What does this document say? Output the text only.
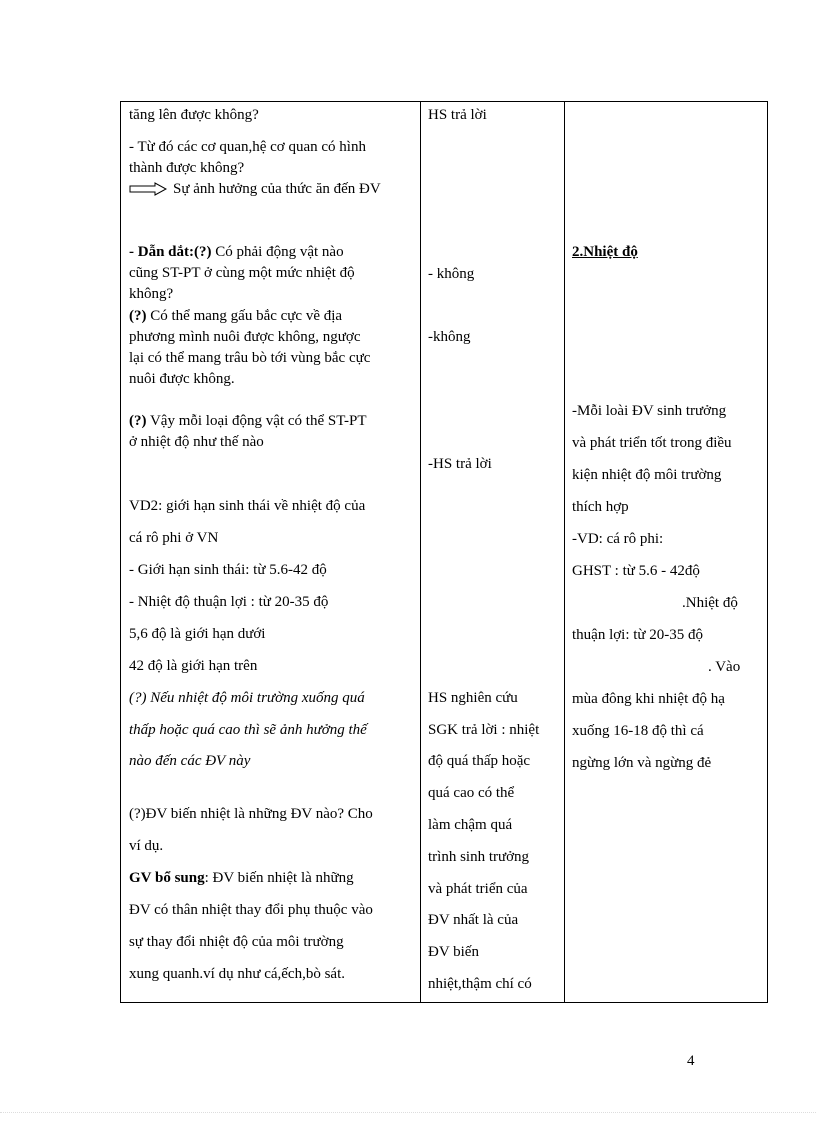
tăng lên được không?
- Từ đó các cơ quan,hệ cơ quan có hình
thành được không?
Sự ảnh hưởng của thức ăn đến ĐV
- Dẫn dắt:(?) Có phải động vật nào
cũng ST-PT ở cùng một mức nhiệt độ
không?
(?) Có thể mang gấu bắc cực về địa
phương mình nuôi được không, ngược
lại có thể mang trâu bò tới vùng bắc cực
nuôi được không.
(?) Vậy mỗi loại động vật có thể ST-PT
ở nhiệt độ như thế nào
VD2: giới hạn sinh thái về nhiệt độ của
cá rô phi ở VN
- Giới hạn sinh thái: từ 5.6-42 độ
- Nhiệt độ thuận lợi : từ 20-35 độ
5,6 độ là giới hạn dưới
42 độ là giới hạn trên
(?) Nếu nhiệt độ môi trường xuống quá
thấp hoặc quá cao thì sẽ ảnh hưởng thế
nào đến các ĐV này
(?)ĐV biến nhiệt là những ĐV nào? Cho
ví dụ.
GV bổ sung: ĐV biến nhiệt là những
ĐV có thân nhiệt thay đổi phụ thuộc vào
sự thay đổi nhiệt độ của môi trường
xung quanh.ví dụ như cá,ếch,bò sát.
HS trả lời
- không
-không
-HS trả lời
HS nghiên cứu
SGK trả lời : nhiệt
độ quá thấp hoặc
quá cao có thể
làm chậm quá
trình sinh trưởng
và phát triển của
ĐV nhất là của
ĐV biến
nhiệt,thậm chí có
2.Nhiệt độ
-Mỗi loài ĐV sinh trưởng
và phát triển tốt trong điều
kiện nhiệt độ môi trường
thích hợp
-VD: cá rô phi:
GHST : từ 5.6 - 42độ
.Nhiệt độ
thuận lợi: từ 20-35 độ
. Vào
mùa đông khi nhiệt độ hạ
xuống 16-18 độ thì cá
ngừng lớn và ngừng đẻ
4
